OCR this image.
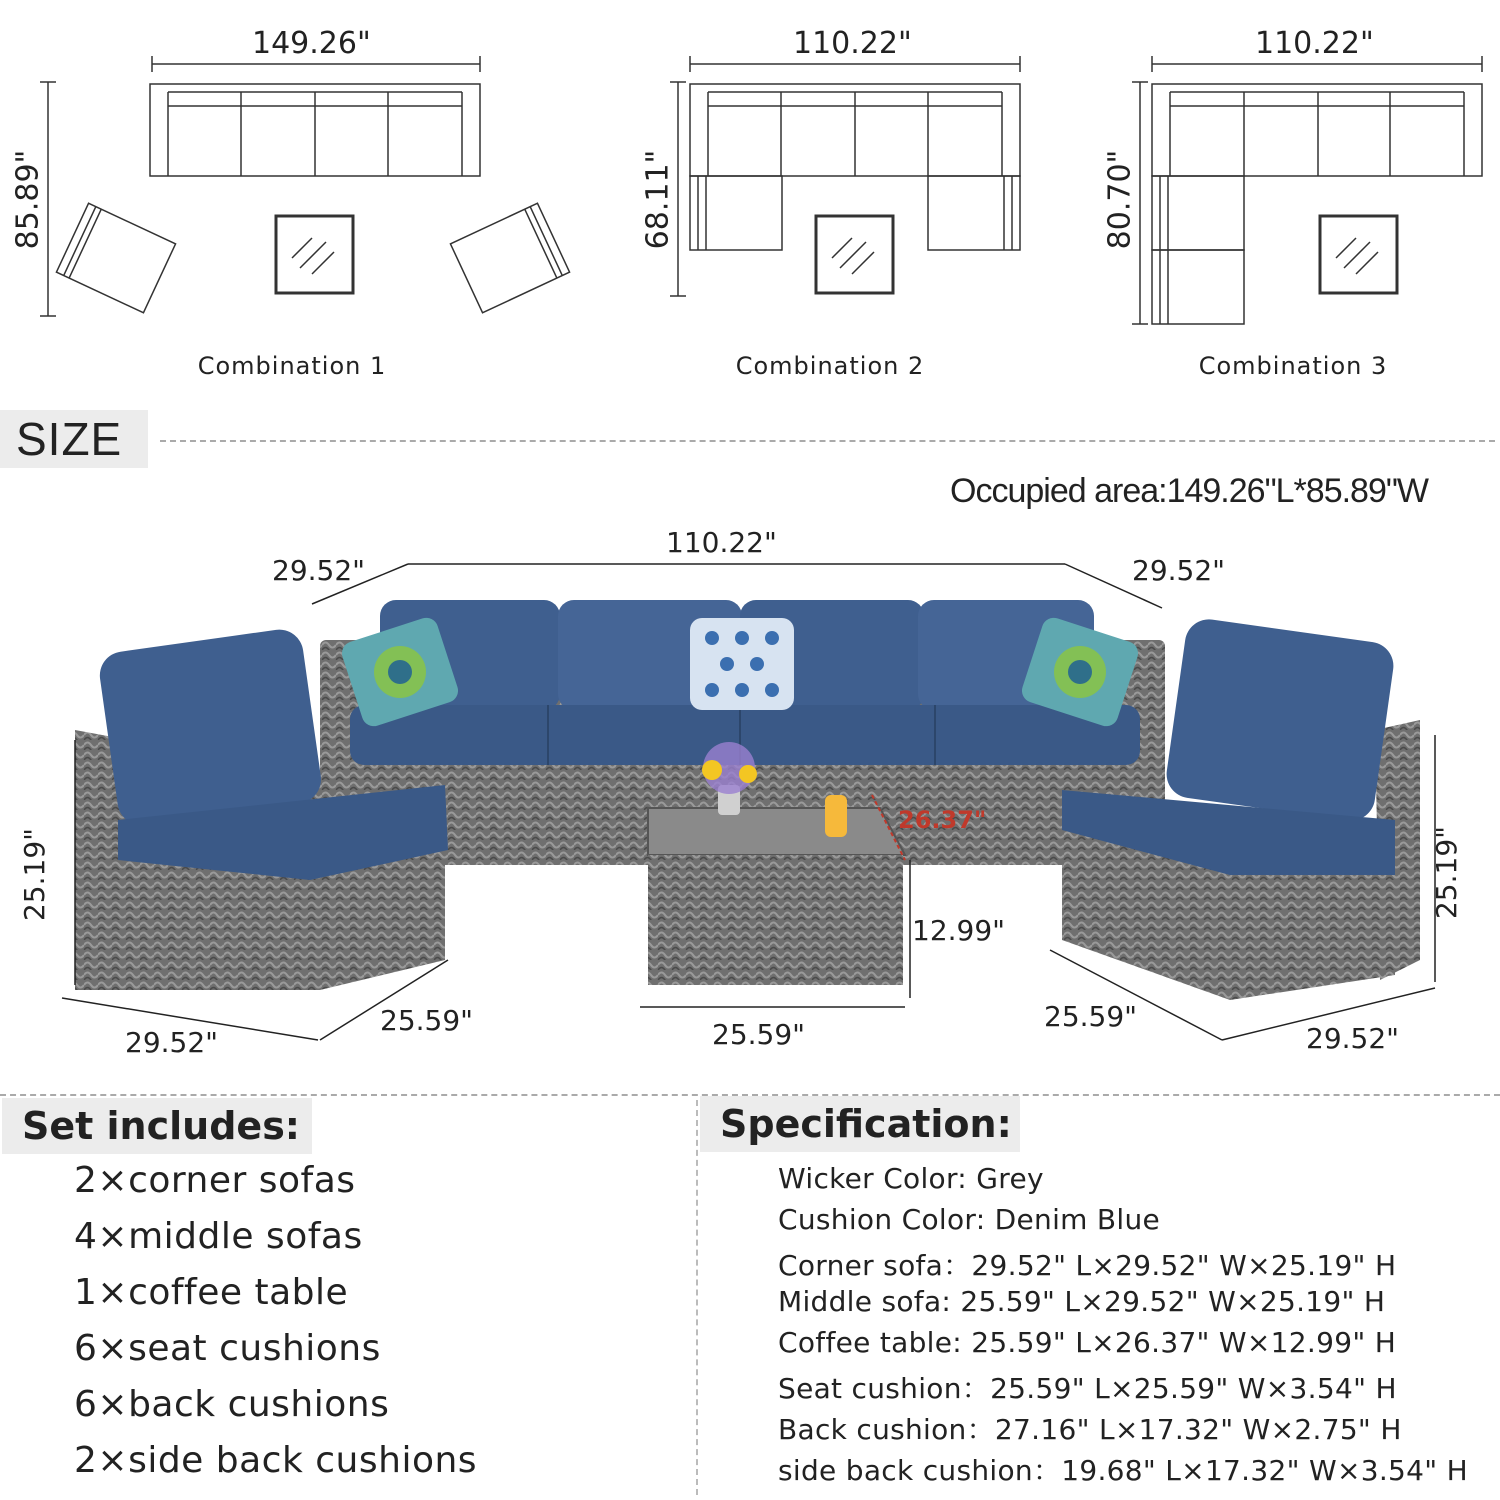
149.26"
85.89"
Combination 1
110.22"
68.11"
Combination 2
110.22"
80.70"
Combination 3
SIZE
Occupied area:149.26"L*85.89"W
110.22"
29.52"	29.52"
25.19"
29.52"
25.59"
26.37"
12.99"
25.59"
25.19"
25.59"
29.52"
Set includes:
2×corner sofas
4×middle sofas
1×coffee table
6×seat cushions
6×back cushions
2×side back cushions
Specification:
Wicker Color: Grey
Cushion Color: Denim Blue
Corner sofa：29.52" L×29.52" W×25.19" H
Middle sofa: 25.59" L×29.52" W×25.19" H
Coffee table: 25.59" L×26.37" W×12.99" H
Seat cushion：25.59" L×25.59" W×3.54" H
Back cushion：27.16" L×17.32" W×2.75" H
side back cushion：19.68" L×17.32" W×3.54" H
